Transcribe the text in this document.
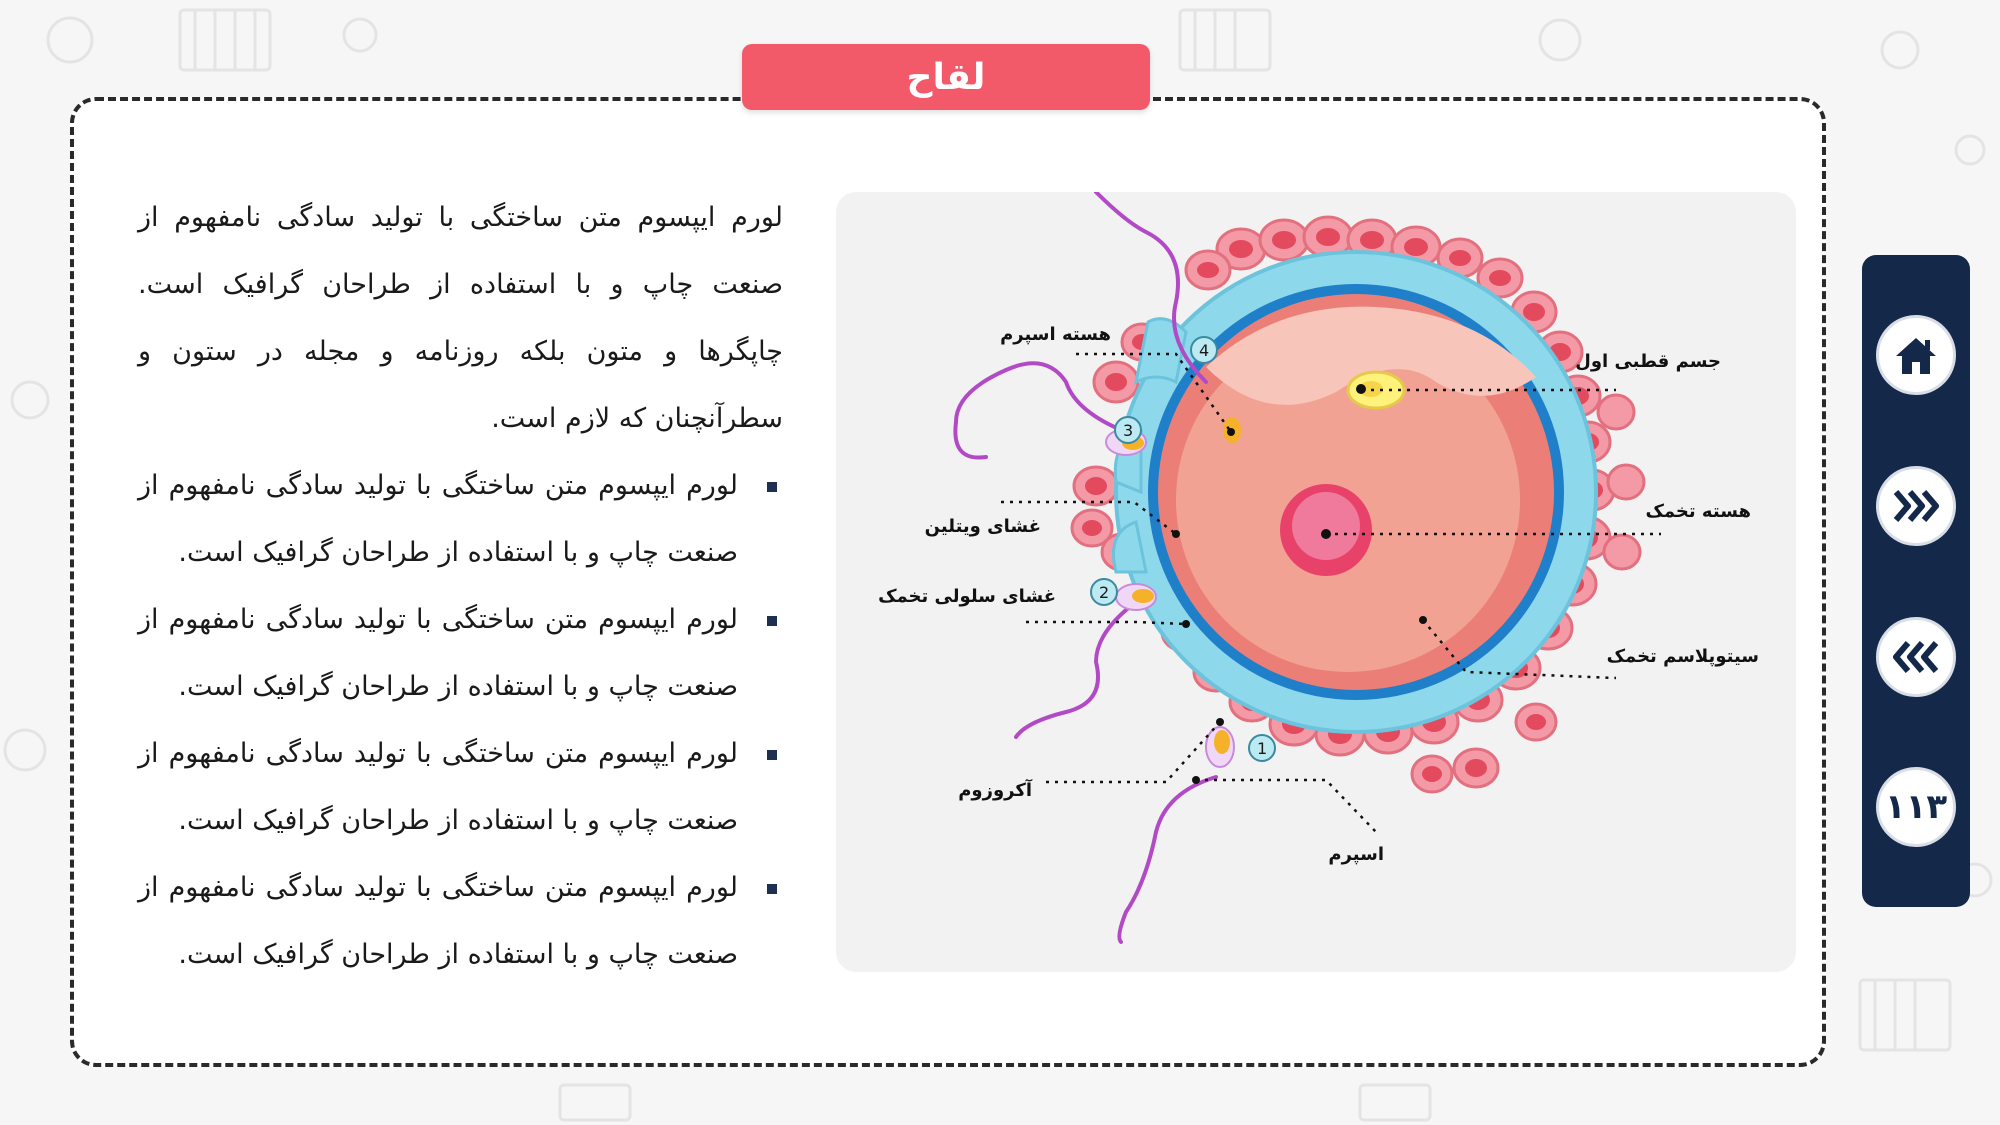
لقاح

لورم ایپسوم متن ساختگی با تولید سادگی نامفهوم از صنعت چاپ و با استفاده از طراحان گرافیک است. چاپگرها و متون بلکه روزنامه و مجله در ستون و سطرآنچنان که لازم است.

لورم ایپسوم متن ساختگی با تولید سادگی نامفهوم از صنعت چاپ و با استفاده از طراحان گرافیک است.
لورم ایپسوم متن ساختگی با تولید سادگی نامفهوم از صنعت چاپ و با استفاده از طراحان گرافیک است.
لورم ایپسوم متن ساختگی با تولید سادگی نامفهوم از صنعت چاپ و با استفاده از طراحان گرافیک است.
لورم ایپسوم متن ساختگی با تولید سادگی نامفهوم از صنعت چاپ و با استفاده از طراحان گرافیک است.
4
3
2
1
هسته اسپرم
جسم قطبی اول
غشای ویتلین
هسته تخمک
غشای سلولی تخمک
سیتوپلاسم تخمک
آکروزوم
اسپرم
۱۱۳
